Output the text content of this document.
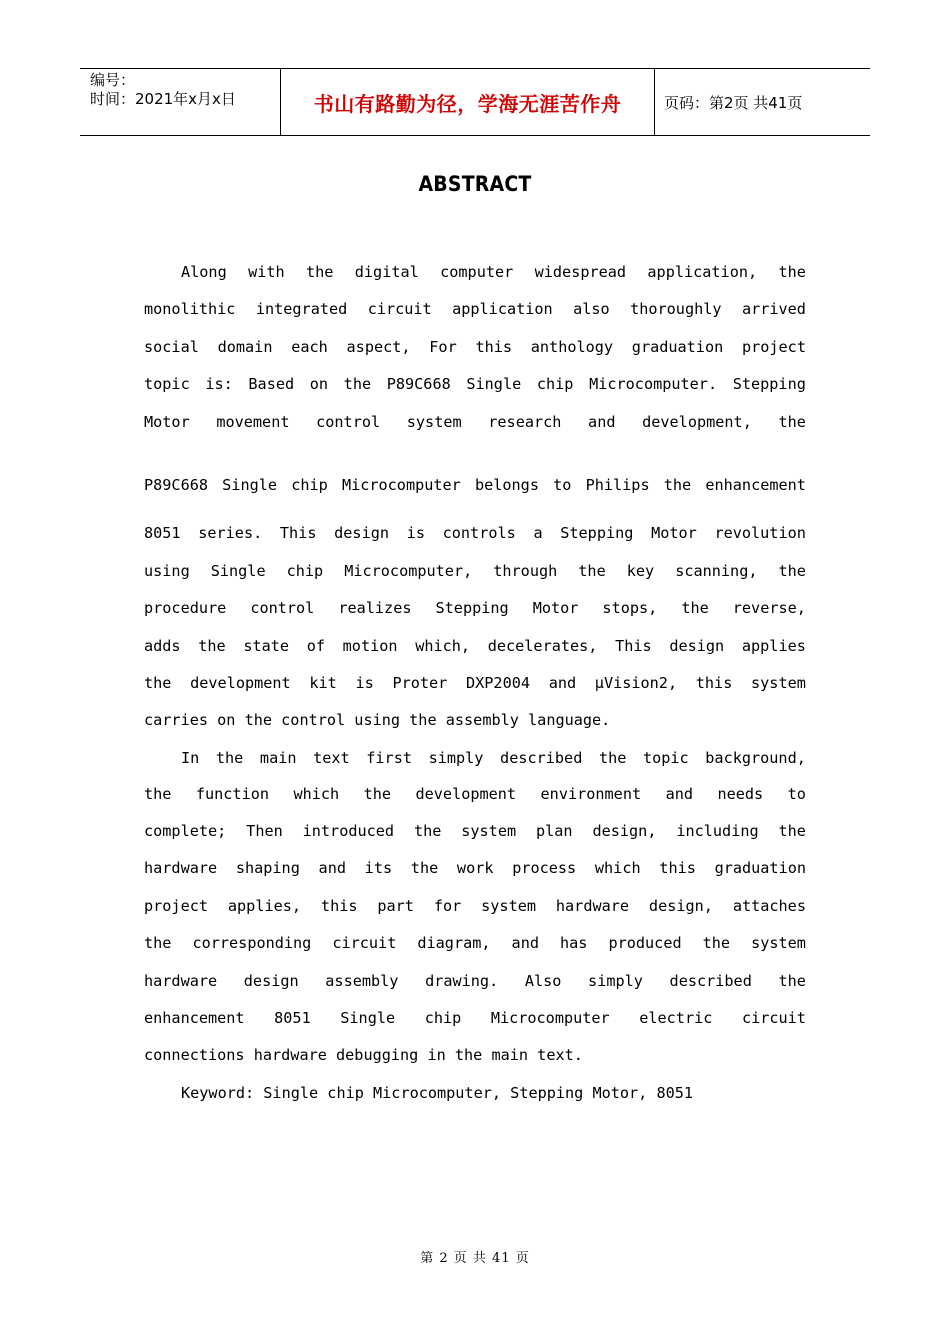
编号：
时间：2021年x月x日	书山有路勤为径，学海无涯苦作舟	页码：第2页 共41页
ABSTRACT
Along with the digital computer widespread application, the
monolithic integrated circuit application also thoroughly arrived
social domain each aspect, For this anthology graduation project
topic is: Based on the P89C668 Single chip Microcomputer. Stepping
Motor movement control system research and development, the
P89C668 Single chip Microcomputer belongs to Philips the enhancement
8051 series. This design is controls a Stepping Motor revolution
using Single chip Microcomputer, through the key scanning, the
procedure control realizes Stepping Motor stops, the reverse,
adds the state of motion which, decelerates, This design applies
the development kit is Proter DXP2004 and μVision2, this system
carries on the control using the assembly language.
In the main text first simply described the topic background,
the function which the development environment and needs to
complete; Then introduced the system plan design, including the
hardware shaping and its the work process which this graduation
project applies, this part for system hardware design, attaches
the corresponding circuit diagram, and has produced the system
hardware design assembly drawing. Also simply described the
enhancement 8051 Single chip Microcomputer electric circuit
connections hardware debugging in the main text.
Keyword: Single chip Microcomputer, Stepping Motor, 8051
第 2 页 共 41 页
